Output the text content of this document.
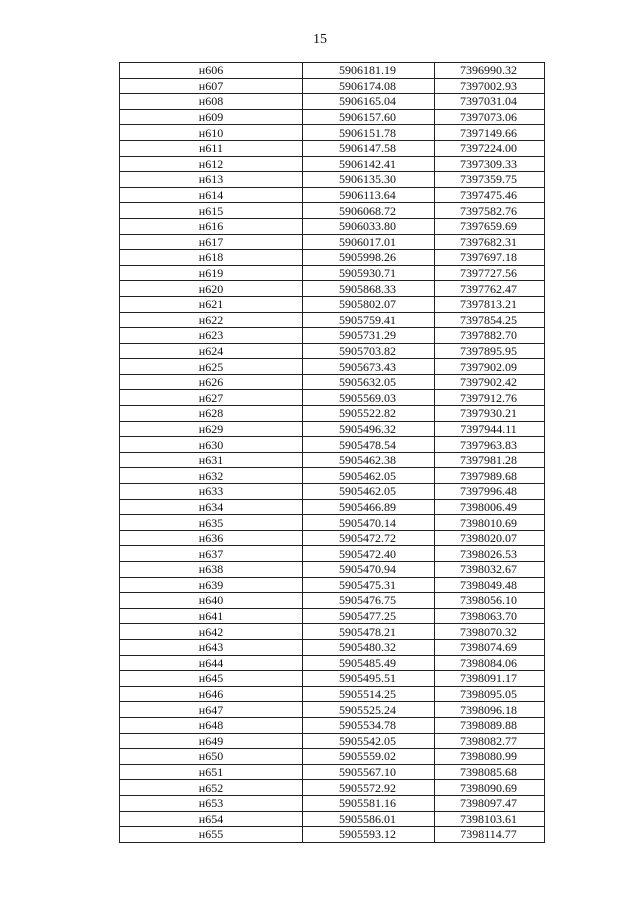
15
н606	5906181.19	7396990.32
н607	5906174.08	7397002.93
н608	5906165.04	7397031.04
н609	5906157.60	7397073.06
н610	5906151.78	7397149.66
н611	5906147.58	7397224.00
н612	5906142.41	7397309.33
н613	5906135.30	7397359.75
н614	5906113.64	7397475.46
н615	5906068.72	7397582.76
н616	5906033.80	7397659.69
н617	5906017.01	7397682.31
н618	5905998.26	7397697.18
н619	5905930.71	7397727.56
н620	5905868.33	7397762.47
н621	5905802.07	7397813.21
н622	5905759.41	7397854.25
н623	5905731.29	7397882.70
н624	5905703.82	7397895.95
н625	5905673.43	7397902.09
н626	5905632.05	7397902.42
н627	5905569.03	7397912.76
н628	5905522.82	7397930.21
н629	5905496.32	7397944.11
н630	5905478.54	7397963.83
н631	5905462.38	7397981.28
н632	5905462.05	7397989.68
н633	5905462.05	7397996.48
н634	5905466.89	7398006.49
н635	5905470.14	7398010.69
н636	5905472.72	7398020.07
н637	5905472.40	7398026.53
н638	5905470.94	7398032.67
н639	5905475.31	7398049.48
н640	5905476.75	7398056.10
н641	5905477.25	7398063.70
н642	5905478.21	7398070.32
н643	5905480.32	7398074.69
н644	5905485.49	7398084.06
н645	5905495.51	7398091.17
н646	5905514.25	7398095.05
н647	5905525.24	7398096.18
н648	5905534.78	7398089.88
н649	5905542.05	7398082.77
н650	5905559.02	7398080.99
н651	5905567.10	7398085.68
н652	5905572.92	7398090.69
н653	5905581.16	7398097.47
н654	5905586.01	7398103.61
н655	5905593.12	7398114.77
